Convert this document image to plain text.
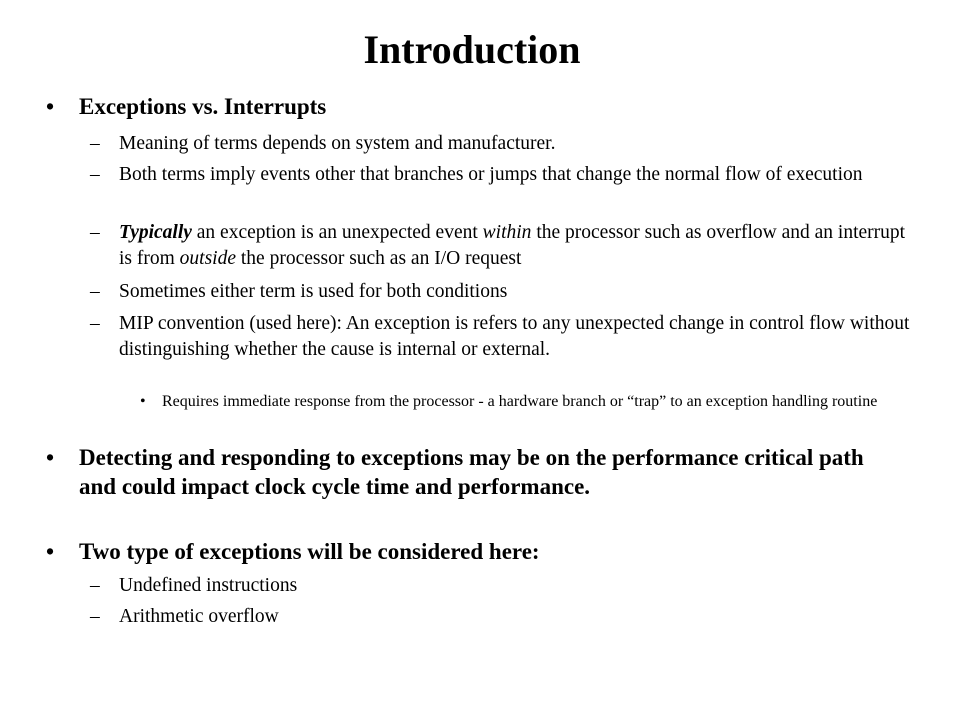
Introduction
• Exceptions vs. Interrupts
– Meaning of terms depends on system and manufacturer.
– Both terms imply events other that branches or jumps that change the normal flow of execution
– Typically an exception is an unexpected event within the processor such as overflow and an interrupt is from outside the processor such as an I/O request
– Sometimes either term is used for both conditions
– MIP convention (used here): An exception is refers to any unexpected change in control flow without distinguishing whether the cause is internal or external.
• Requires immediate response from the processor - a hardware branch or “trap” to an exception handling routine
• Detecting and responding to exceptions may be on the performance critical path and could impact clock cycle time and performance.
• Two type of exceptions will be considered here:
– Undefined instructions
– Arithmetic overflow
